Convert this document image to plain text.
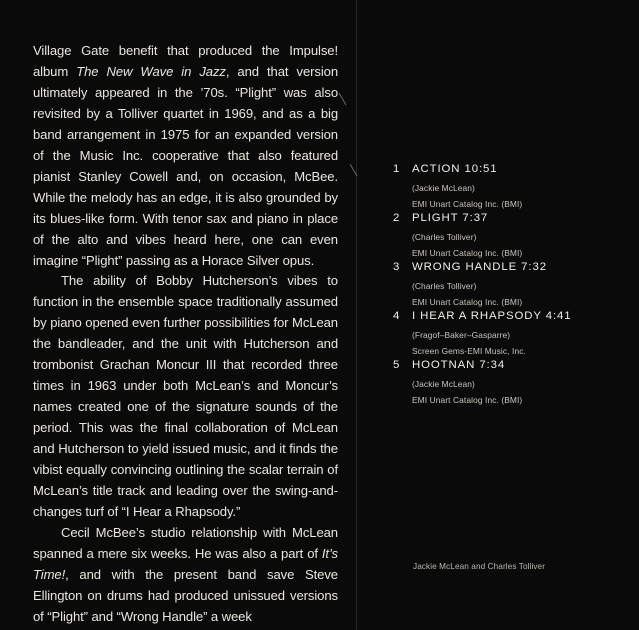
Village Gate benefit that produced the Impulse! album The New Wave in Jazz, and that version ultimately appeared in the ’70s. “Plight” was also revisited by a Tolliver quartet in 1969, and as a big band arrangement in 1975 for an expanded version of the Music Inc. cooperative that also featured pianist Stanley Cowell and, on occasion, McBee. While the melody has an edge, it is also grounded by its blues-like form. With tenor sax and piano in place of the alto and vibes heard here, one can even imagine “Plight” passing as a Horace Silver opus.

The ability of Bobby Hutcherson’s vibes to function in the ensemble space traditionally assumed by piano opened even further possibilities for McLean the bandleader, and the unit with Hutcherson and trombonist Grachan Moncur III that recorded three times in 1963 under both McLean’s and Moncur’s names created one of the signature sounds of the period. This was the final collaboration of McLean and Hutcherson to yield issued music, and it finds the vibist equally convincing outlining the scalar terrain of McLean’s title track and leading over the swing-and-changes turf of “I Hear a Rhapsody.”

Cecil McBee’s studio relationship with McLean spanned a mere six weeks. He was also a part of It’s Time!, and with the present band save Steve Ellington on drums had produced unissued versions of “Plight” and “Wrong Handle” a week

1	ACTION 10:51
(Jackie McLean)
EMI Unart Catalog Inc. (BMI)
2	PLIGHT 7:37
(Charles Tolliver)
EMI Unart Catalog Inc. (BMI)
3	WRONG HANDLE 7:32
(Charles Tolliver)
EMI Unart Catalog Inc. (BMI)
4	I HEAR A RHAPSODY 4:41
(Fragof–Baker–Gasparre)
Screen Gems-EMI Music, Inc.
5	HOOTNAN 7:34
(Jackie McLean)
EMI Unart Catalog Inc. (BMI)
Jackie McLean and Charles Tolliver
